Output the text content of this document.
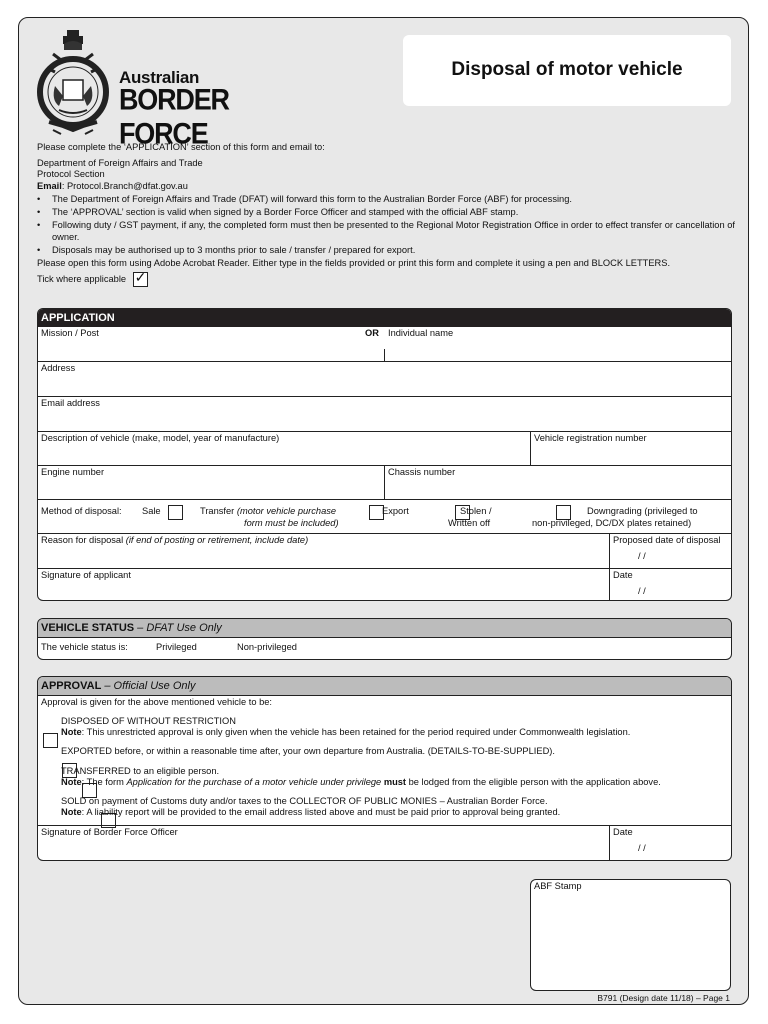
Australian
BORDER FORCE
Disposal of motor vehicle

Please complete the ‘APPLICATION’ section of this form and email to:

Department of Foreign Affairs and Trade

Protocol Section

Email: Protocol.Branch@dfat.gov.au

• The Department of Foreign Affairs and Trade (DFAT) will forward this form to the Australian Border Force (ABF) for processing.
• The ‘APPROVAL’ section is valid when signed by a Border Force Officer and stamped with the official ABF stamp.
• Following duty / GST payment, if any, the completed form must then be presented to the Regional Motor Registration Office in order to effect transfer or cancellation of owner.
• Disposals may be authorised up to 3 months prior to sale / transfer / prepared for export.

Please open this form using Adobe Acrobat Reader. Either type in the fields provided or print this form and complete it using a pen and BLOCK LETTERS.

Tick where applicable ✓

APPLICATION
Mission / Post	OR Individual name
Address
Email address
Description of vehicle (make, model, year of manufacture)	Vehicle registration number
Engine number	Chassis number
Method of disposal: Sale
	Transfer (motor vehicle purchase
form must be included)

Export
	Stolen /
Written off

Downgrading (privileged to
non-privileged, DC/DX plates retained)
Reason for disposal (if end of posting or retirement, include date)	Proposed date of disposal
/ /
Signature of applicant	Date
/ /
VEHICLE STATUS – DFAT Use Only
The vehicle status is:	Privileged
	Non-privileged
APPROVAL – Official Use Only
Approval is given for the above mentioned vehicle to be:

DISPOSED OF WITHOUT RESTRICTION
Note: This unrestricted approval is only given when the vehicle has been retained for the period required under Commonwealth legislation.

EXPORTED before, or within a reasonable time after, your own departure from Australia. (DETAILS-TO-BE-SUPPLIED).

TRANSFERRED to an eligible person.
Note: The form Application for the purchase of a motor vehicle under privilege must be lodged from the eligible person with the application above.
SOLD on payment of Customs duty and/or taxes to the COLLECTOR OF PUBLIC MONIES – Australian Border Force.
Note: A liability report will be provided to the email address listed above and must be paid prior to approval being granted.
Signature of Border Force Officer	Date
/ /
ABF Stamp
B791 (Design date 11/18) – Page 1
